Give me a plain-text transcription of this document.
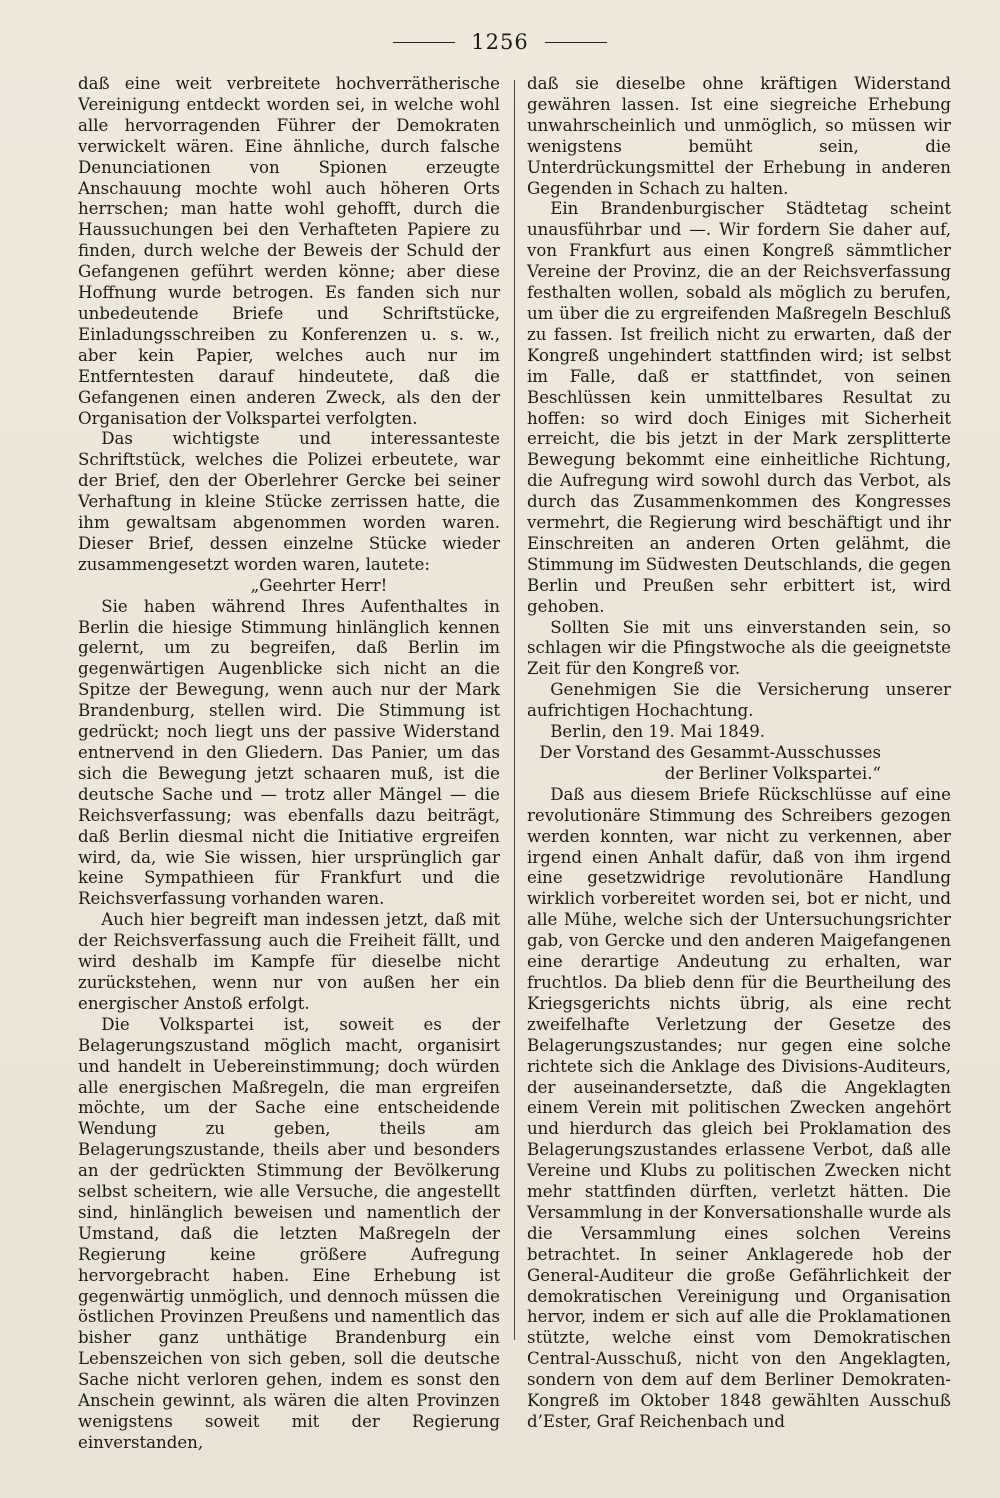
1256

daß eine weit verbreitete hochverrätherische Vereinigung entdeckt worden sei, in welche wohl alle hervorragenden Führer der Demokraten verwickelt wären. Eine ähnliche, durch falsche Denunciationen von Spionen erzeugte Anschauung mochte wohl auch höheren Orts herrschen; man hatte wohl gehofft, durch die Haussuchungen bei den Verhafteten Papiere zu finden, durch welche der Beweis der Schuld der Gefangenen geführt werden könne; aber diese Hoffnung wurde betrogen. Es fanden sich nur unbedeutende Briefe und Schriftstücke, Einladungsschreiben zu Konferenzen u. s. w., aber kein Papier, welches auch nur im Entferntesten darauf hindeutete, daß die Gefangenen einen anderen Zweck, als den der Organisation der Volkspartei verfolgten.

Das wichtigste und interessanteste Schriftstück, welches die Polizei erbeutete, war der Brief, den der Oberlehrer Gercke bei seiner Verhaftung in kleine Stücke zerrissen hatte, die ihm gewaltsam abgenommen worden waren. Dieser Brief, dessen einzelne Stücke wieder zusammengesetzt worden waren, lautete:

„Geehrter Herr!

Sie haben während Ihres Aufenthaltes in Berlin die hiesige Stimmung hinlänglich kennen gelernt, um zu begreifen, daß Berlin im gegenwärtigen Augenblicke sich nicht an die Spitze der Bewegung, wenn auch nur der Mark Brandenburg, stellen wird. Die Stimmung ist gedrückt; noch liegt uns der passive Widerstand entnervend in den Gliedern. Das Panier, um das sich die Bewegung jetzt schaaren muß, ist die deutsche Sache und — trotz aller Mängel — die Reichsverfassung; was ebenfalls dazu beiträgt, daß Berlin diesmal nicht die Initiative ergreifen wird, da, wie Sie wissen, hier ursprünglich gar keine Sympathieen für Frankfurt und die Reichsverfassung vorhanden waren.

Auch hier begreift man indessen jetzt, daß mit der Reichsverfassung auch die Freiheit fällt, und wird deshalb im Kampfe für dieselbe nicht zurückstehen, wenn nur von außen her ein energischer Anstoß erfolgt.

Die Volkspartei ist, soweit es der Belagerungszustand möglich macht, organisirt und handelt in Uebereinstimmung; doch würden alle energischen Maßregeln, die man ergreifen möchte, um der Sache eine entscheidende Wendung zu geben, theils am Belagerungszustande, theils aber und besonders an der gedrückten Stimmung der Bevölkerung selbst scheitern, wie alle Versuche, die angestellt sind, hinlänglich beweisen und namentlich der Umstand, daß die letzten Maßregeln der Regierung keine größere Aufregung hervorgebracht haben. Eine Erhebung ist gegenwärtig unmöglich, und dennoch müssen die östlichen Provinzen Preußens und namentlich das bisher ganz unthätige Brandenburg ein Lebenszeichen von sich geben, soll die deutsche Sache nicht verloren gehen, indem es sonst den Anschein gewinnt, als wären die alten Provinzen wenigstens soweit mit der Regierung einverstanden,

daß sie dieselbe ohne kräftigen Widerstand gewähren lassen. Ist eine siegreiche Erhebung unwahrscheinlich und unmöglich, so müssen wir wenigstens bemüht sein, die Unterdrückungsmittel der Erhebung in anderen Gegenden in Schach zu halten.

Ein Brandenburgischer Städtetag scheint unausführbar und —. Wir fordern Sie daher auf, von Frankfurt aus einen Kongreß sämmtlicher Vereine der Provinz, die an der Reichsverfassung festhalten wollen, sobald als möglich zu berufen, um über die zu ergreifenden Maßregeln Beschluß zu fassen. Ist freilich nicht zu erwarten, daß der Kongreß ungehindert stattfinden wird; ist selbst im Falle, daß er stattfindet, von seinen Beschlüssen kein unmittelbares Resultat zu hoffen: so wird doch Einiges mit Sicherheit erreicht, die bis jetzt in der Mark zersplitterte Bewegung bekommt eine einheitliche Richtung, die Aufregung wird sowohl durch das Verbot, als durch das Zusammenkommen des Kongresses vermehrt, die Regierung wird beschäftigt und ihr Einschreiten an anderen Orten gelähmt, die Stimmung im Südwesten Deutschlands, die gegen Berlin und Preußen sehr erbittert ist, wird gehoben.

Sollten Sie mit uns einverstanden sein, so schlagen wir die Pfingstwoche als die geeignetste Zeit für den Kongreß vor.

Genehmigen Sie die Versicherung unserer aufrichtigen Hochachtung.

Berlin, den 19. Mai 1849.

Der Vorstand des Gesammt-Ausschusses der Berliner Volkspartei.“

Daß aus diesem Briefe Rückschlüsse auf eine revolutionäre Stimmung des Schreibers gezogen werden konnten, war nicht zu verkennen, aber irgend einen Anhalt dafür, daß von ihm irgend eine gesetzwidrige revolutionäre Handlung wirklich vorbereitet worden sei, bot er nicht, und alle Mühe, welche sich der Untersuchungsrichter gab, von Gercke und den anderen Maigefangenen eine derartige Andeutung zu erhalten, war fruchtlos. Da blieb denn für die Beurtheilung des Kriegsgerichts nichts übrig, als eine recht zweifelhafte Verletzung der Gesetze des Belagerungszustandes; nur gegen eine solche richtete sich die Anklage des Divisions-Auditeurs, der auseinandersetzte, daß die Angeklagten einem Verein mit politischen Zwecken angehört und hierdurch das gleich bei Proklamation des Belagerungszustandes erlassene Verbot, daß alle Vereine und Klubs zu politischen Zwecken nicht mehr stattfinden dürften, verletzt hätten. Die Versammlung in der Konversationshalle wurde als die Versammlung eines solchen Vereins betrachtet. In seiner Anklagerede hob der General-Auditeur die große Gefährlichkeit der demokratischen Vereinigung und Organisation hervor, indem er sich auf alle die Proklamationen stützte, welche einst vom Demokratischen Central-Ausschuß, nicht von den Angeklagten, sondern von dem auf dem Berliner Demokraten-Kongreß im Oktober 1848 gewählten Ausschuß d’Ester, Graf Reichenbach und
